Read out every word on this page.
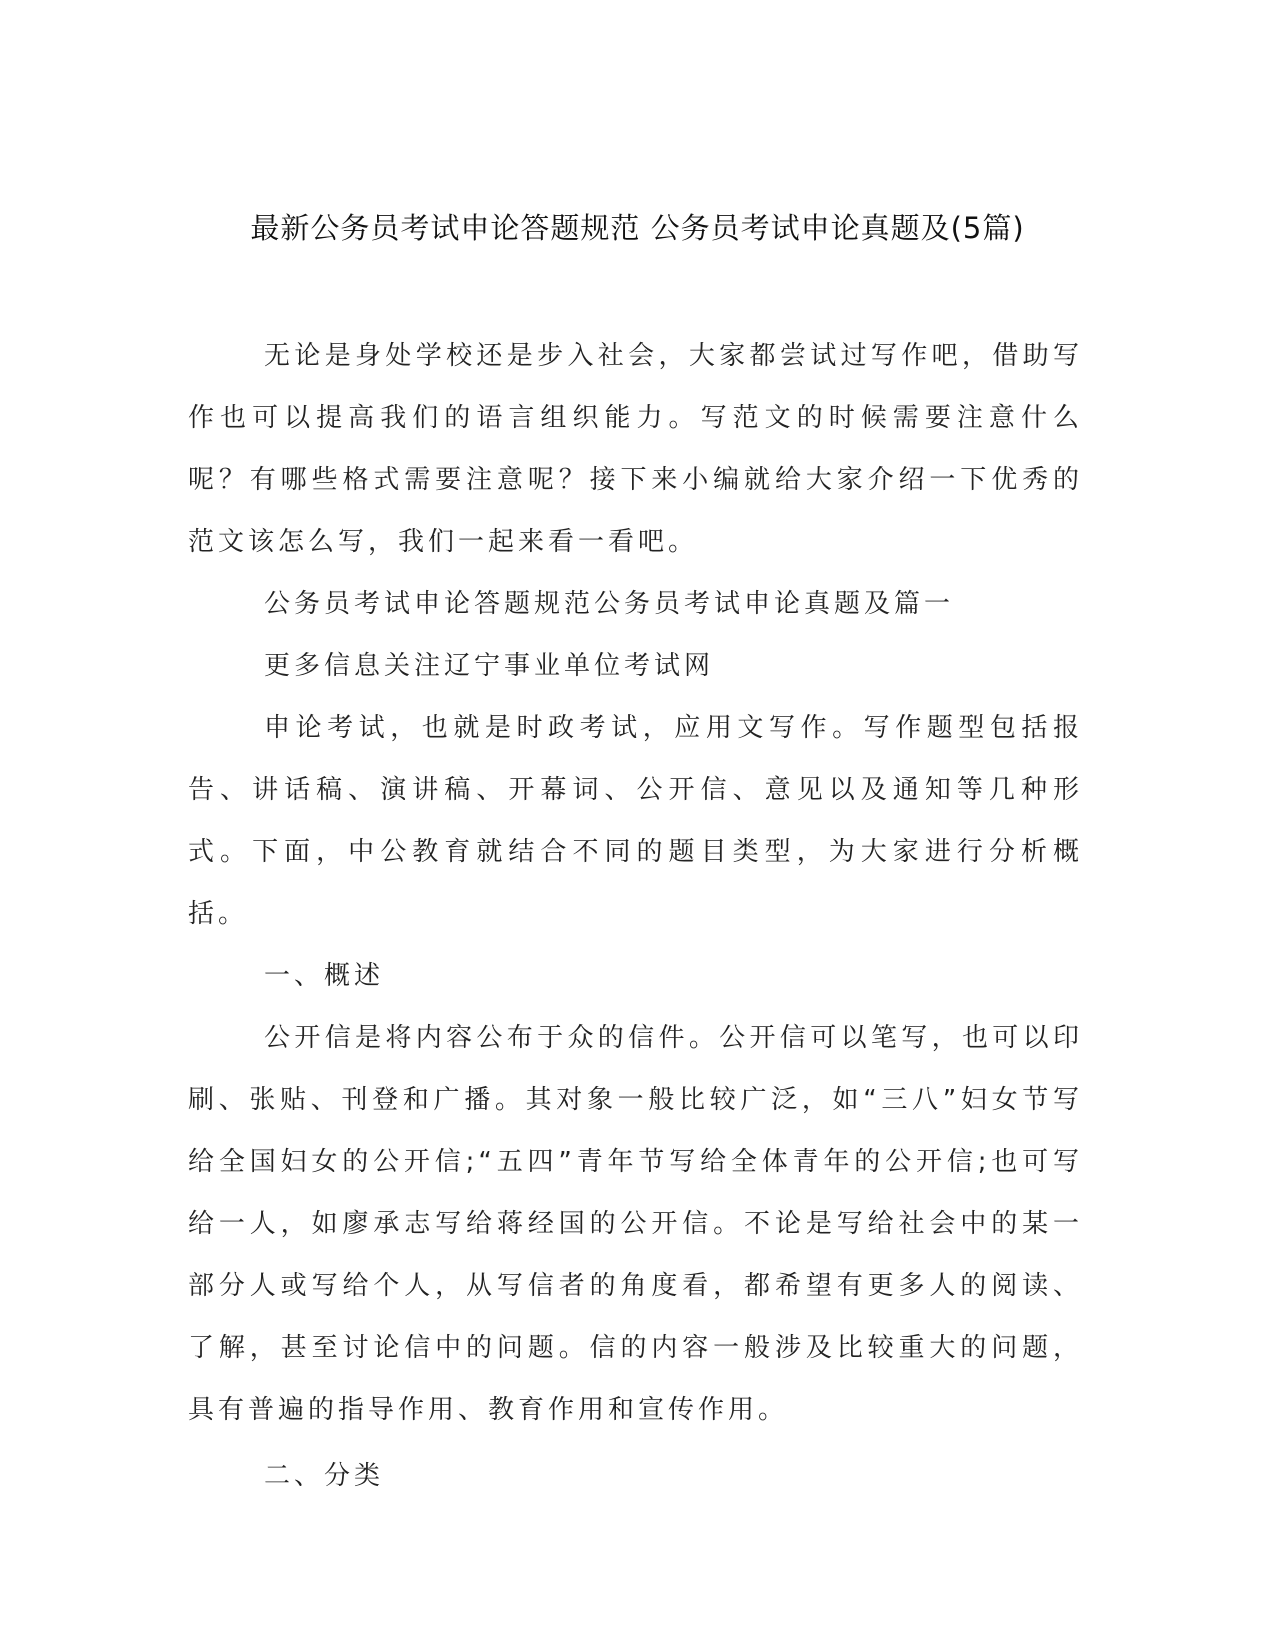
最新公务员考试申论答题规范 公务员考试申论真题及(5篇)

无论是身处学校还是步入社会，大家都尝试过写作吧，借助写作也可以提高我们的语言组织能力。写范文的时候需要注意什么呢？有哪些格式需要注意呢？接下来小编就给大家介绍一下优秀的范文该怎么写，我们一起来看一看吧。

公务员考试申论答题规范公务员考试申论真题及篇一

更多信息关注辽宁事业单位考试网

申论考试，也就是时政考试，应用文写作。写作题型包括报告、讲话稿、演讲稿、开幕词、公开信、意见以及通知等几种形式。下面，中公教育就结合不同的题目类型，为大家进行分析概括。

一、概述

公开信是将内容公布于众的信件。公开信可以笔写，也可以印刷、张贴、刊登和广播。其对象一般比较广泛，如“三八”妇女节写给全国妇女的公开信;“五四”青年节写给全体青年的公开信;也可写给一人，如廖承志写给蒋经国的公开信。不论是写给社会中的某一部分人或写给个人，从写信者的角度看，都希望有更多人的阅读、了解，甚至讨论信中的问题。信的内容一般涉及比较重大的问题，具有普遍的指导作用、教育作用和宣传作用。

二、分类
